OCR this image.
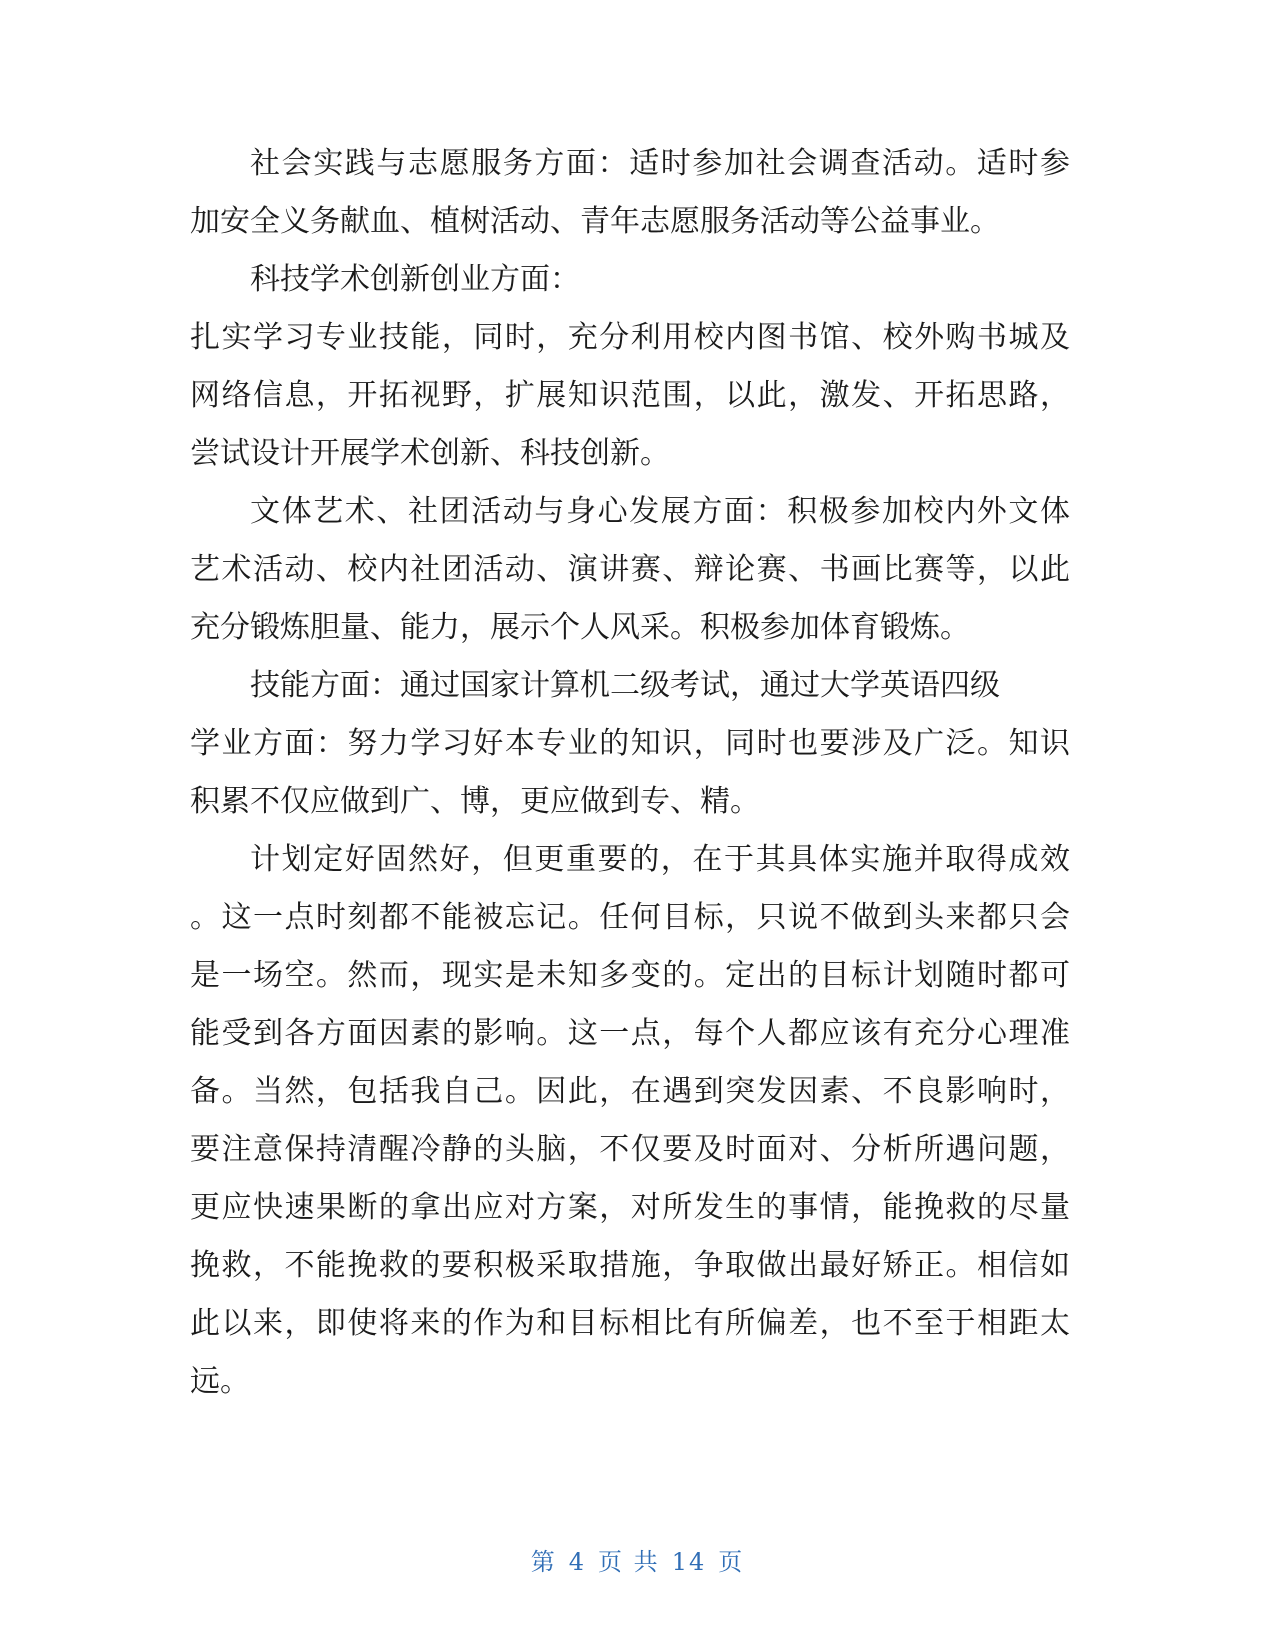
社会实践与志愿服务方面：适时参加社会调查活动。适时参
加安全义务献血、植树活动、青年志愿服务活动等公益事业。
科技学术创新创业方面：
扎实学习专业技能，同时，充分利用校内图书馆、校外购书城及
网络信息，开拓视野，扩展知识范围，以此，激发、开拓思路，
尝试设计开展学术创新、科技创新。
文体艺术、社团活动与身心发展方面：积极参加校内外文体
艺术活动、校内社团活动、演讲赛、辩论赛、书画比赛等，以此
充分锻炼胆量、能力，展示个人风采。积极参加体育锻炼。
技能方面：通过国家计算机二级考试，通过大学英语四级
学业方面：努力学习好本专业的知识，同时也要涉及广泛。知识
积累不仅应做到广、博，更应做到专、精。
计划定好固然好，但更重要的，在于其具体实施并取得成效
。这一点时刻都不能被忘记。任何目标，只说不做到头来都只会
是一场空。然而，现实是未知多变的。定出的目标计划随时都可
能受到各方面因素的影响。这一点，每个人都应该有充分心理准
备。当然，包括我自己。因此，在遇到突发因素、不良影响时，
要注意保持清醒冷静的头脑，不仅要及时面对、分析所遇问题，
更应快速果断的拿出应对方案，对所发生的事情，能挽救的尽量
挽救，不能挽救的要积极采取措施，争取做出最好矫正。相信如
此以来，即使将来的作为和目标相比有所偏差，也不至于相距太
远。
第 4 页 共 14 页
